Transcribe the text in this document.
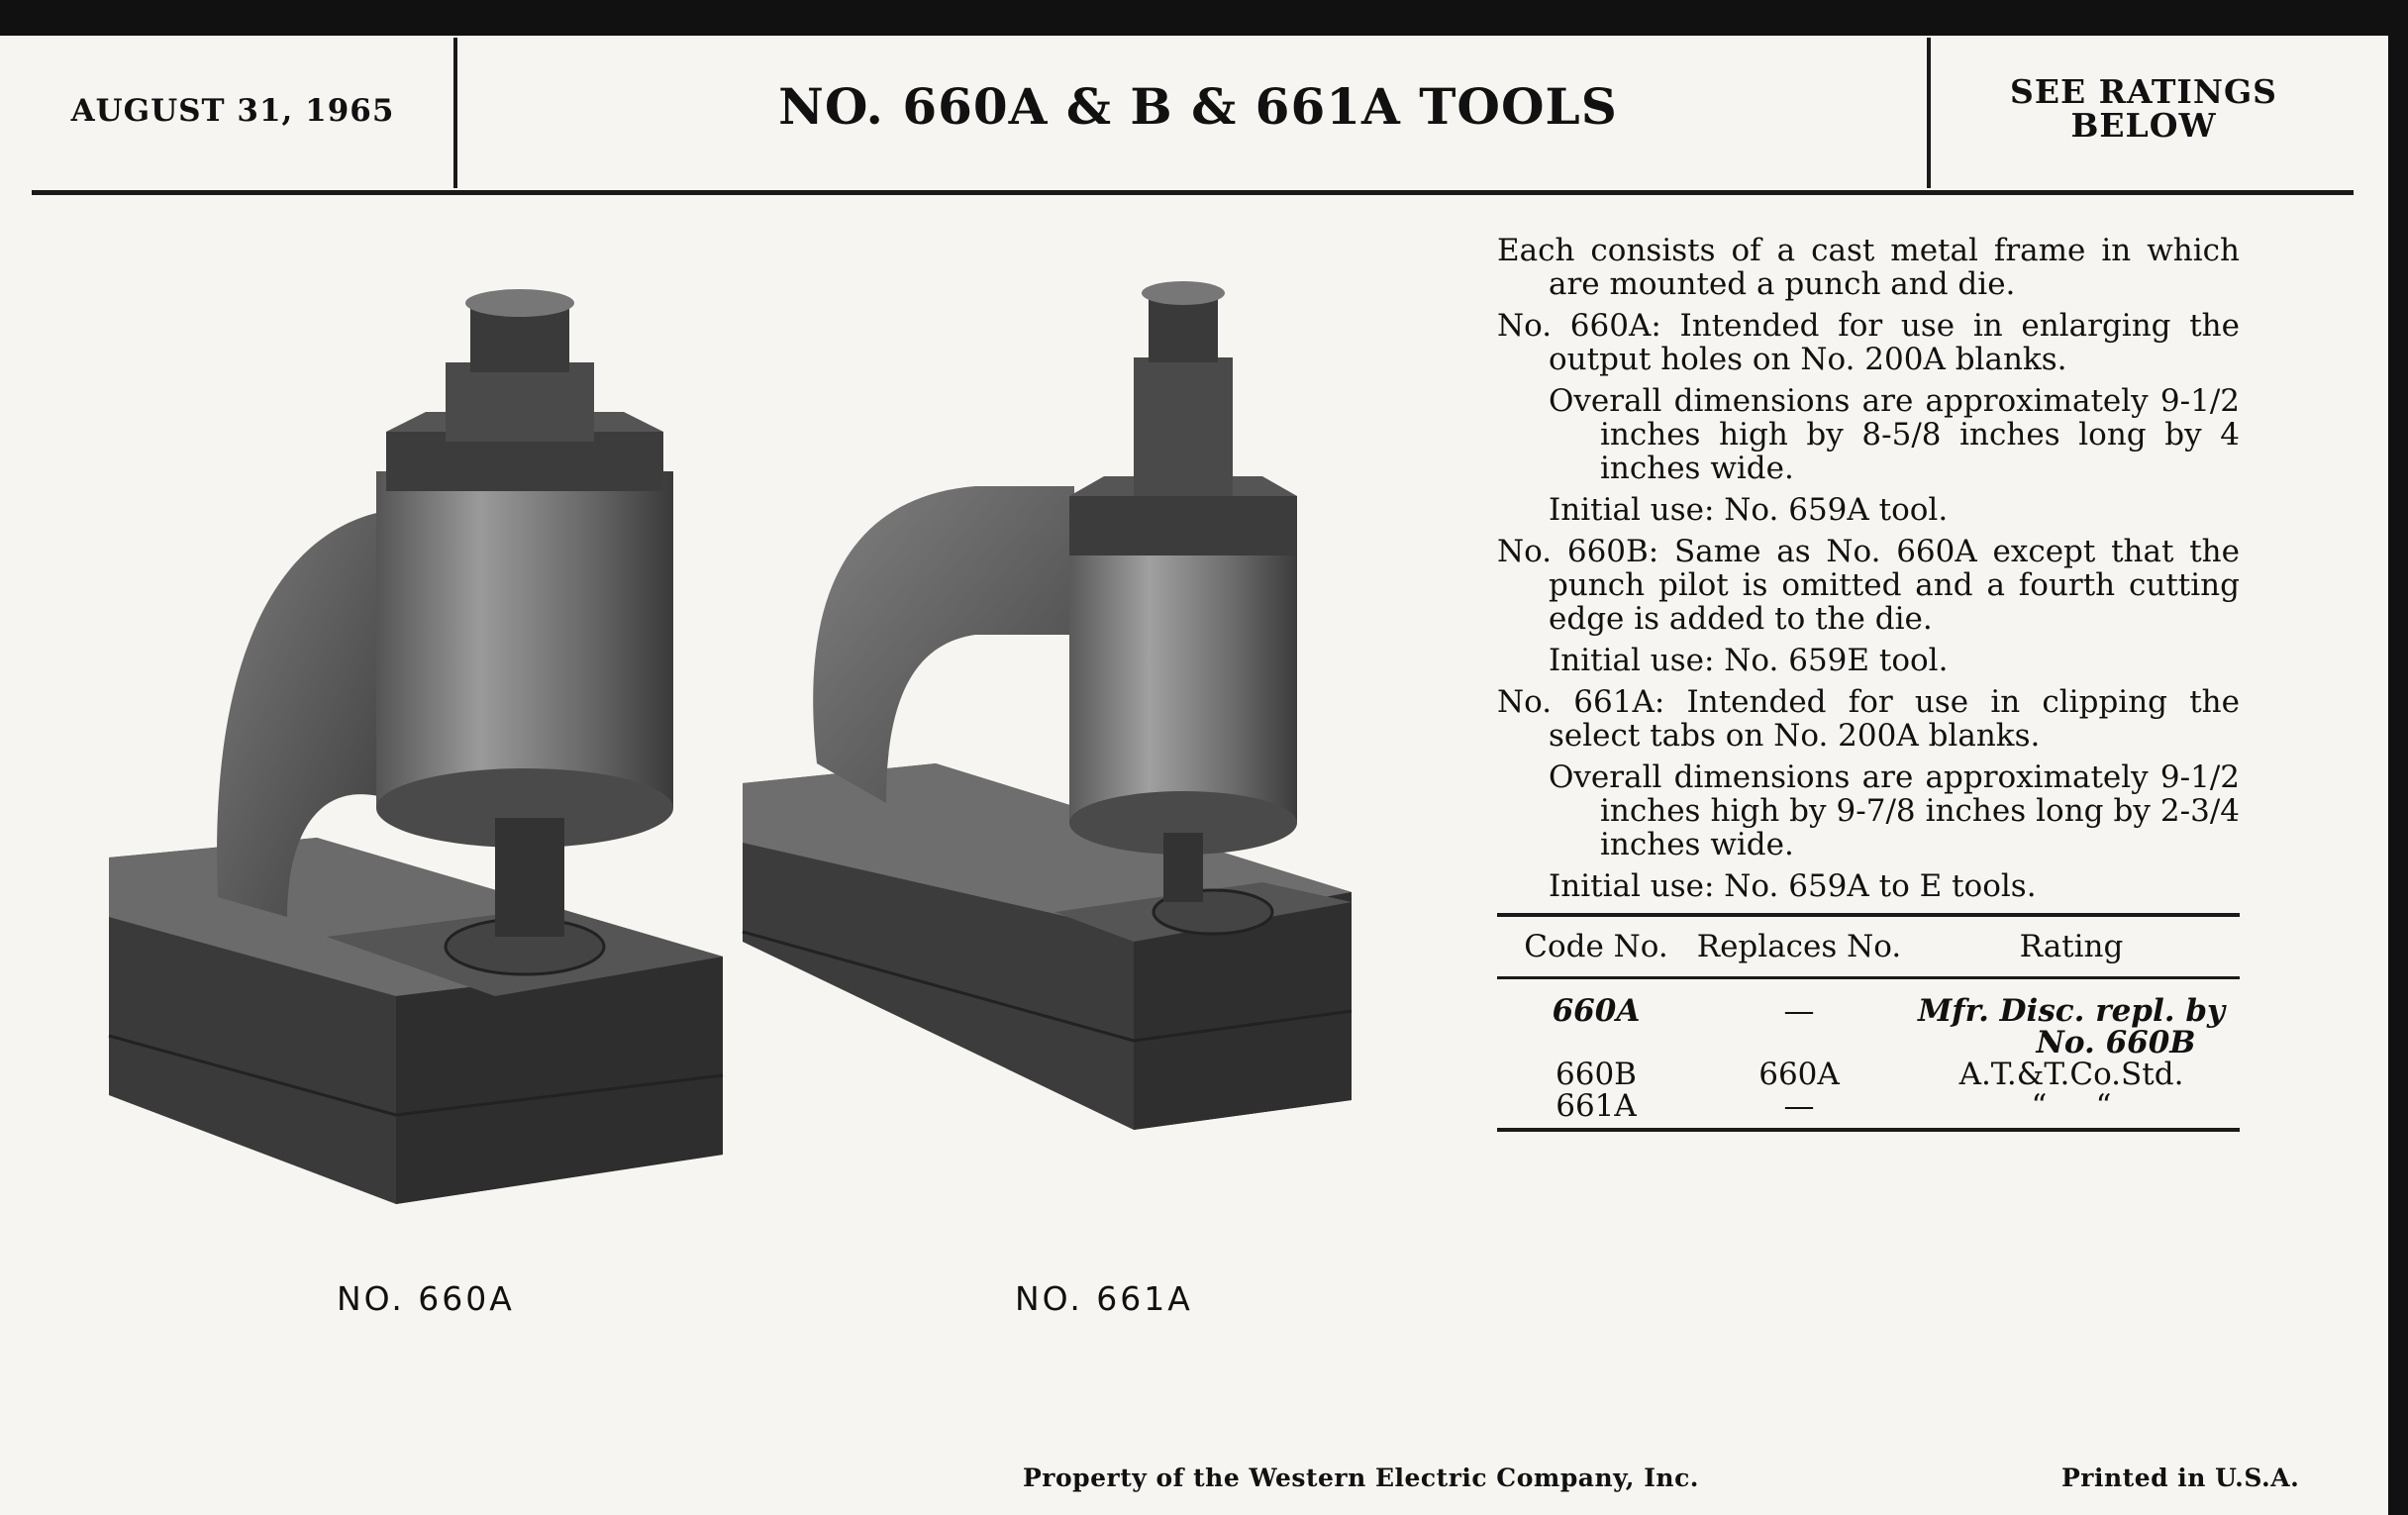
AUGUST 31, 1965	NO. 660A & B & 661A TOOLS	SEE RATINGS
BELOW
NO. 660A	NO. 661A

Each consists of a cast metal frame in which are mounted a punch and die.

No. 660A: Intended for use in enlarging the output holes on No. 200A blanks.

Overall dimensions are approximately 9-1/2 inches high by 8-5/8 inches long by 4 inches wide.

Initial use: No. 659A tool.

No. 660B: Same as No. 660A except that the punch pilot is omitted and a fourth cutting edge is added to the die.

Initial use: No. 659E tool.

No. 661A: Intended for use in clipping the select tabs on No. 200A blanks.

Overall dimensions are approximately 9-1/2 inches high by 9-7/8 inches long by 2-3/4 inches wide.

Initial use: No. 659A to E tools.

Code No. Replaces No.	Rating
660A	—	Mfr. Disc. repl. by
No. 660B
660B	660A	A.T.&T.Co.Std.
661A	—	“     “
Property of the Western Electric Company, Inc.	Printed in U.S.A.
